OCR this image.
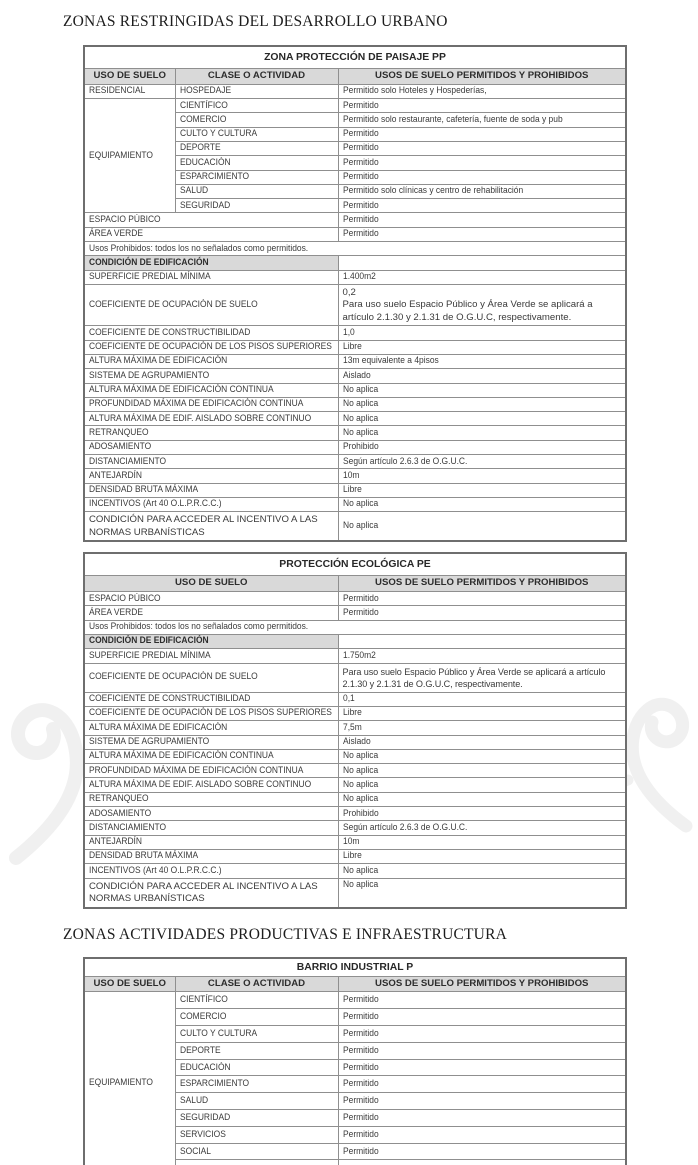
ZONAS RESTRINGIDAS DEL DESARROLLO URBANO
ZONA PROTECCIÓN DE PAISAJE PP		
USO DE SUELO	CLASE O ACTIVIDAD	USOS DE SUELO PERMITIDOS Y PROHIBIDOS
RESIDENCIAL	HOSPEDAJE	Permitido solo Hoteles y Hospederías,
EQUIPAMIENTO	CIENTÍFICO	Permitido
	COMERCIO	Permitido solo restaurante, cafetería, fuente de soda y pub
	CULTO Y CULTURA	Permitido
	DEPORTE	Permitido
	EDUCACIÓN	Permitido
	ESPARCIMIENTO	Permitido
	SALUD	Permitido solo clínicas y centro de rehabilitación
	SEGURIDAD	Permitido
ESPACIO PÚBICO		Permitido
ÁREA VERDE		Permitido
Usos Prohibidos: todos los no señalados como permitidos.		
CONDICIÓN DE EDIFICACIÓN		
SUPERFICIE PREDIAL MÍNIMA		1.400m2
COEFICIENTE DE OCUPACIÓN DE SUELO		0,2
Para uso suelo Espacio Público y Área Verde se aplicará a artículo 2.1.30 y 2.1.31 de O.G.U.C, respectivamente.

COEFICIENTE DE CONSTRUCTIBILIDAD		1,0
COEFICIENTE DE OCUPACIÓN DE LOS PISOS SUPERIORES		Libre
ALTURA MÁXIMA DE EDIFICACIÓN		13m equivalente a 4pisos
SISTEMA DE AGRUPAMIENTO		Aislado
ALTURA MÁXIMA DE EDIFICACIÓN CONTINUA		No aplica
PROFUNDIDAD MÁXIMA DE EDIFICACIÓN CONTINUA		No aplica
ALTURA MÁXIMA DE EDIF. AISLADO SOBRE CONTINUO		No aplica
RETRANQUEO		No aplica
ADOSAMIENTO		Prohibido
DISTANCIAMIENTO		Según artículo 2.6.3 de O.G.U.C.
ANTEJARDÍN		10m
DENSIDAD BRUTA MÁXIMA		Libre
INCENTIVOS (Art 40 O.L.P.R.C.C.)		No aplica
CONDICIÓN PARA ACCEDER AL INCENTIVO A LAS NORMAS URBANÍSTICAS		No aplica
PROTECCIÓN ECOLÓGICA PE	
USO DE SUELO	USOS DE SUELO PERMITIDOS Y PROHIBIDOS
ESPACIO PÚBICO	Permitido
ÁREA VERDE	Permitido
Usos Prohibidos: todos los no señalados como permitidos.	
CONDICIÓN DE EDIFICACIÓN	
SUPERFICIE PREDIAL MÍNIMA	1.750m2
COEFICIENTE DE OCUPACIÓN DE SUELO	Para uso suelo Espacio Público y Área Verde se aplicará a artículo 2.1.30 y 2.1.31 de O.G.U.C, respectivamente.
COEFICIENTE DE CONSTRUCTIBILIDAD	0,1
COEFICIENTE DE OCUPACIÓN DE LOS PISOS SUPERIORES	Libre
ALTURA MÁXIMA DE EDIFICACIÓN	7,5m
SISTEMA DE AGRUPAMIENTO	Aislado
ALTURA MÁXIMA DE EDIFICACIÓN CONTINUA	No aplica
PROFUNDIDAD MÁXIMA DE EDIFICACIÓN CONTINUA	No aplica
ALTURA MÁXIMA DE EDIF. AISLADO SOBRE CONTINUO	No aplica
RETRANQUEO	No aplica
ADOSAMIENTO	Prohibido
DISTANCIAMIENTO	Según artículo 2.6.3 de O.G.U.C.
ANTEJARDÍN	10m
DENSIDAD BRUTA MÁXIMA	Libre
INCENTIVOS (Art 40 O.L.P.R.C.C.)	No aplica
CONDICIÓN PARA ACCEDER AL INCENTIVO A LAS NORMAS URBANÍSTICAS	No aplica
ZONAS ACTIVIDADES PRODUCTIVAS E INFRAESTRUCTURA
BARRIO INDUSTRIAL P		
USO DE SUELO	CLASE O ACTIVIDAD	USOS DE SUELO PERMITIDOS Y PROHIBIDOS
EQUIPAMIENTO	CIENTÍFICO	Permitido
	COMERCIO	Permitido
	CULTO Y CULTURA	Permitido
	DEPORTE	Permitido
	EDUCACIÓN	Permitido
	ESPARCIMIENTO	Permitido
	SALUD	Permitido
	SEGURIDAD	Permitido
	SERVICIOS	Permitido
	SOCIAL	Permitido
